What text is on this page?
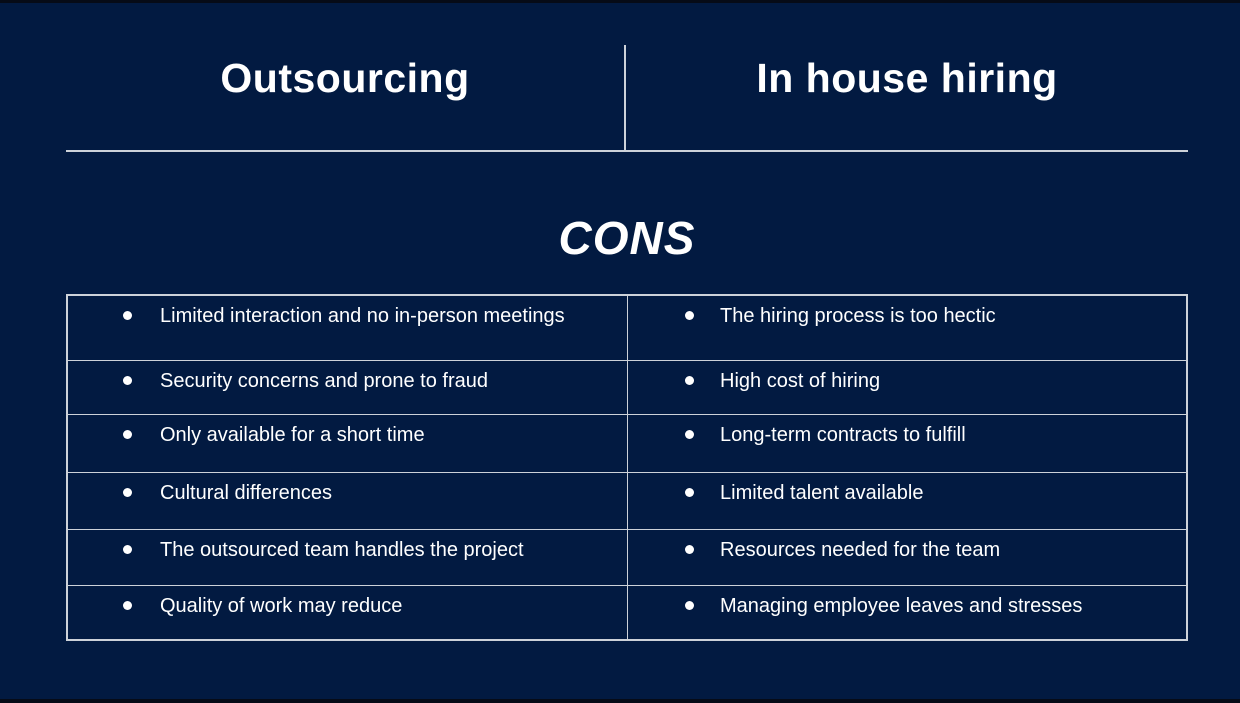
Outsourcing	In house hiring
CONS
Limited interaction and no in-person meetings	The hiring process is too hectic
Security concerns and prone to fraud	High cost of hiring
Only available for a short time	Long-term contracts to fulfill
Cultural differences	Limited talent available
The outsourced team handles the project	Resources needed for the team
Quality of work may reduce	Managing employee leaves and stresses
